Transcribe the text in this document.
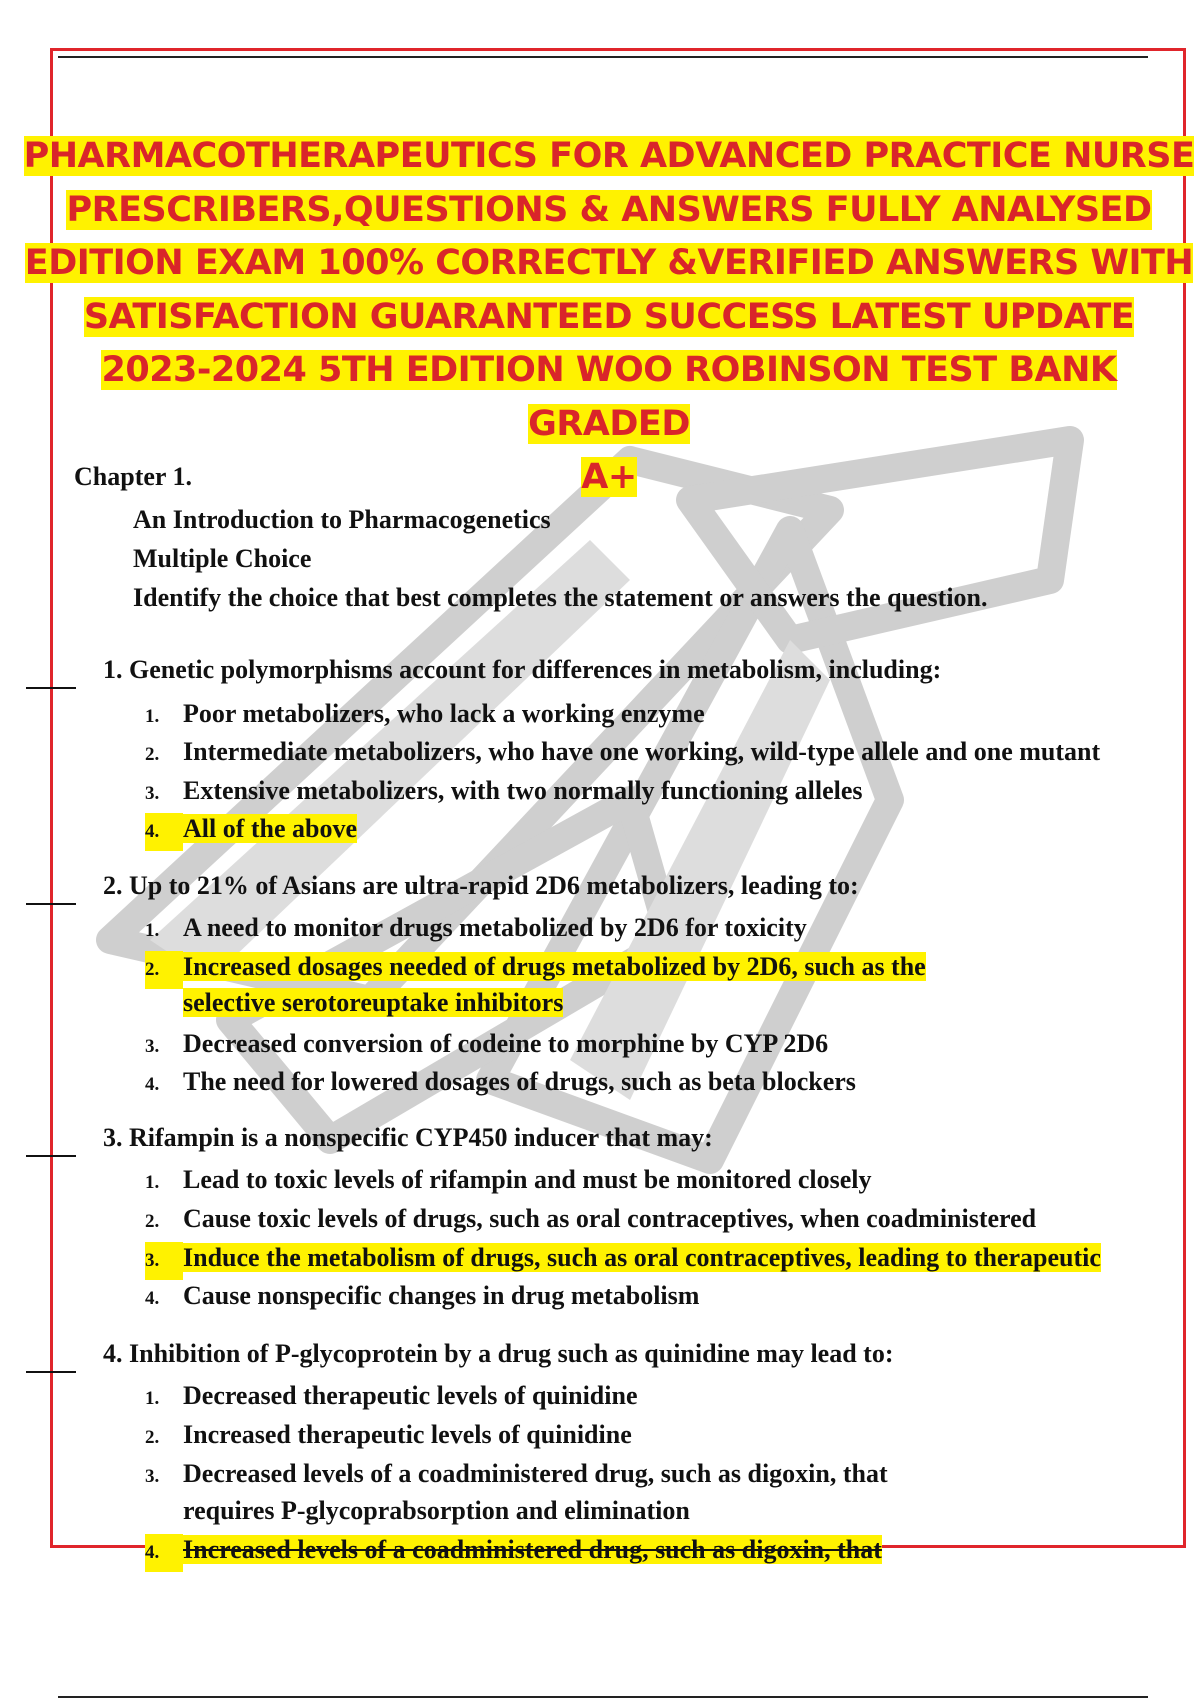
PHARMACOTHERAPEUTICS FOR ADVANCED PRACTICE NURSE
PRESCRIBERS,QUESTIONS & ANSWERS FULLY ANALYSED
EDITION EXAM 100% CORRECTLY &VERIFIED ANSWERS WITH
SATISFACTION GUARANTEED SUCCESS LATEST UPDATE
2023-2024 5TH EDITION WOO ROBINSON TEST BANK GRADED
A+
Chapter 1.
An Introduction to Pharmacogenetics
Multiple Choice
Identify the choice that best completes the statement or answers the question.
1. Genetic polymorphisms account for differences in metabolism, including:
1. Poor metabolizers, who lack a working enzyme
2. Intermediate metabolizers, who have one working, wild-type allele and one mutant
3. Extensive metabolizers, with two normally functioning alleles
4. All of the above
2. Up to 21% of Asians are ultra-rapid 2D6 metabolizers, leading to:
1. A need to monitor drugs metabolized by 2D6 for toxicity
2. Increased dosages needed of drugs metabolized by 2D6, such as the
selective serotoreuptake inhibitors
3. Decreased conversion of codeine to morphine by CYP 2D6
4. The need for lowered dosages of drugs, such as beta blockers
3. Rifampin is a nonspecific CYP450 inducer that may:
1. Lead to toxic levels of rifampin and must be monitored closely
2. Cause toxic levels of drugs, such as oral contraceptives, when coadministered
3. Induce the metabolism of drugs, such as oral contraceptives, leading to therapeutic
4. Cause nonspecific changes in drug metabolism
4. Inhibition of P-glycoprotein by a drug such as quinidine may lead to:
1. Decreased therapeutic levels of quinidine
2. Increased therapeutic levels of quinidine
3. Decreased levels of a coadministered drug, such as digoxin, that
requires P-glycoprabsorption and elimination
4. Increased levels of a coadministered drug, such as digoxin, that
